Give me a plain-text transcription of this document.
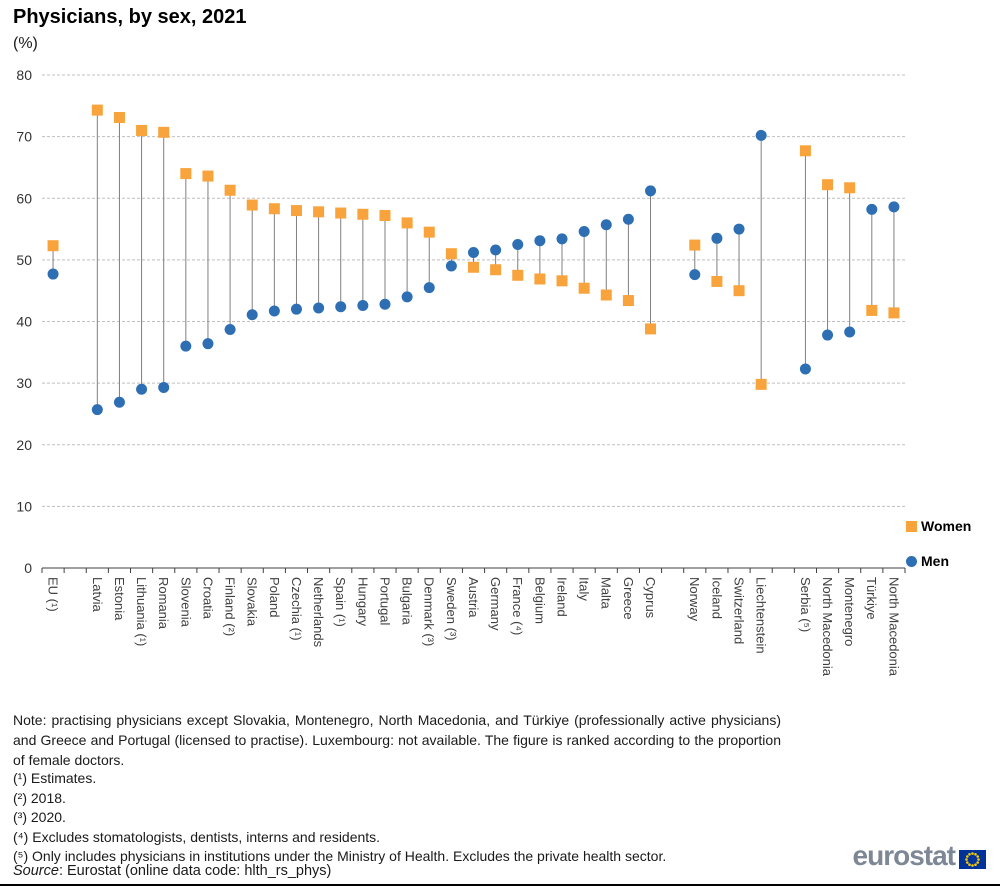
Physicians, by sex, 2021
(%)
0
10
20
30
40
50
60
70
80
EU (¹) Latvia Estonia Lithuania (¹) Romania Slovenia Croatia Finland (²) Slovakia Poland Czechia (¹) Netherlands Spain (¹) Hungary Portugal Bulgaria Denmark (³) Sweden (³) Austria Germany France (⁴) Belgium Ireland Italy Malta Greece Cyprus Norway Iceland Switzerland Liechtenstein Serbia (⁵) North Macedonia Montenegro Türkiye North Macedonia
Women
Men
Note: practising physicians except Slovakia, Montenegro, North Macedonia, and Türkiye (professionally active physicians) and Greece and Portugal (licensed to practise). Luxembourg: not available. The figure is ranked according to the proportion of female doctors.
(¹) Estimates.
(²) 2018.
(³) 2020.
(⁴) Excludes stomatologists, dentists, interns and residents.
(⁵) Only includes physicians in institutions under the Ministry of Health. Excludes the private health sector.
Source: Eurostat (online data code: hlth_rs_phys)	eurostat
